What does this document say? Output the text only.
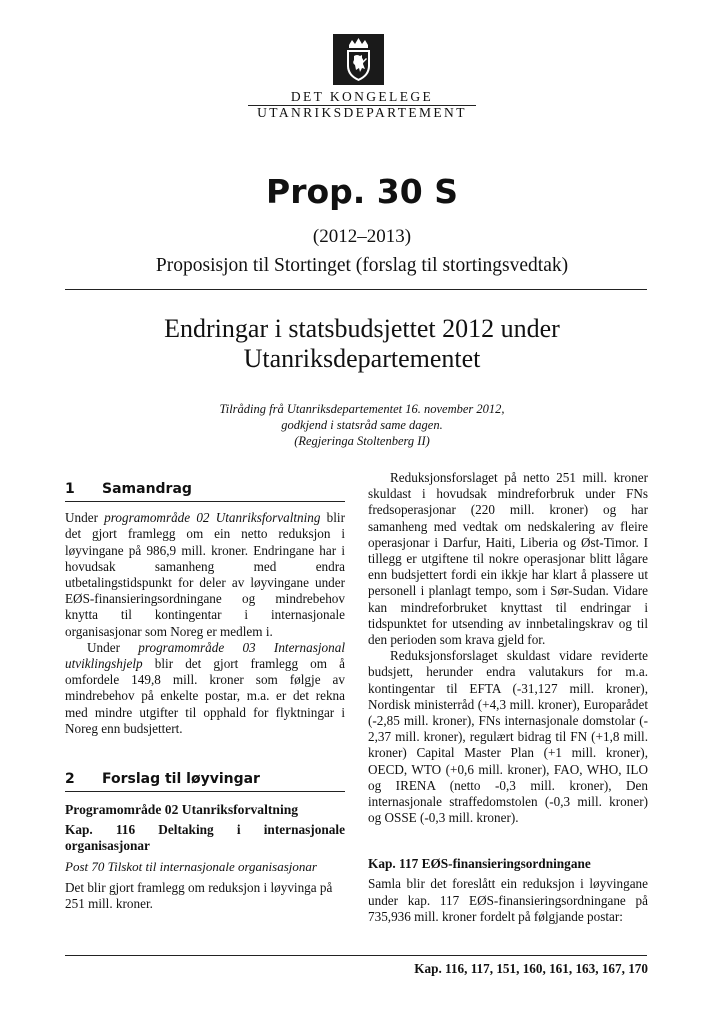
DET KONGELEGE
UTANRIKSDEPARTEMENT
Prop. 30 S
(2012–2013)
Proposisjon til Stortinget (forslag til stortingsvedtak)
Endringar i statsbudsjettet 2012 under
Utanriksdepartementet
Tilråding frå Utanriksdepartementet 16. november 2012,
godkjend i statsråd same dagen.
(Regjeringa Stoltenberg II)
1 Samandrag

Under programområde 02 Utanriksforvaltning blir det gjort framlegg om ein netto reduksjon i løyvingane på 986,9 mill. kroner. Endringane har i hovudsak samanheng med endra utbetalingstidspunkt for deler av løyvingane under EØS-finansieringsordningane og mindrebehov knytta til kontingentar i internasjonale organisasjonar som Noreg er medlem i.

Under programområde 03 Internasjonal utviklingshjelp blir det gjort framlegg om å omfordele 149,8 mill. kroner som følgje av mindrebehov på enkelte postar, m.a. er det rekna med mindre utgifter til opphald for flyktningar i Noreg enn budsjettert.

2 Forslag til løyvingar

Programområde 02 Utanriksforvaltning

Kap. 116 Deltaking i internasjonale organisasjonar

Post 70 Tilskot til internasjonale organisasjonar

Det blir gjort framlegg om reduksjon i løyvinga på 251 mill. kroner.

Reduksjonsforslaget på netto 251 mill. kroner skuldast i hovudsak mindreforbruk under FNs fredsoperasjonar (220 mill. kroner) og har samanheng med vedtak om nedskalering av fleire operasjonar i Darfur, Haiti, Liberia og Øst-Timor. I tillegg er utgiftene til nokre operasjonar blitt lågare enn budsjettert fordi ein ikkje har klart å plassere ut personell i planlagt tempo, som i Sør-Sudan. Vidare kan mindreforbruket knyttast til endringar i tidspunktet for utsending av innbetalingskrav og til den perioden som krava gjeld for.

Reduksjonsforslaget skuldast vidare reviderte budsjett, herunder endra valutakurs for m.a. kontingentar til EFTA (-31,127 mill. kroner), Nordisk ministerråd (+4,3 mill. kroner), Europarådet (-2,85 mill. kroner), FNs internasjonale domstolar (- 2,37 mill. kroner), regulært bidrag til FN (+1,8 mill. kroner) Capital Master Plan (+1 mill. kroner), OECD, WTO (+0,6 mill. kroner), FAO, WHO, ILO og IRENA (netto -0,3 mill. kroner), Den internasjonale straffedomstolen (-0,3 mill. kroner) og OSSE (-0,3 mill. kroner).

Kap. 117 EØS-finansieringsordningane

Samla blir det foreslått ein reduksjon i løyvingane under kap. 117 EØS-finansieringsordningane på 735,936 mill. kroner fordelt på følgjande postar:

Kap. 116, 117, 151, 160, 161, 163, 167, 170
